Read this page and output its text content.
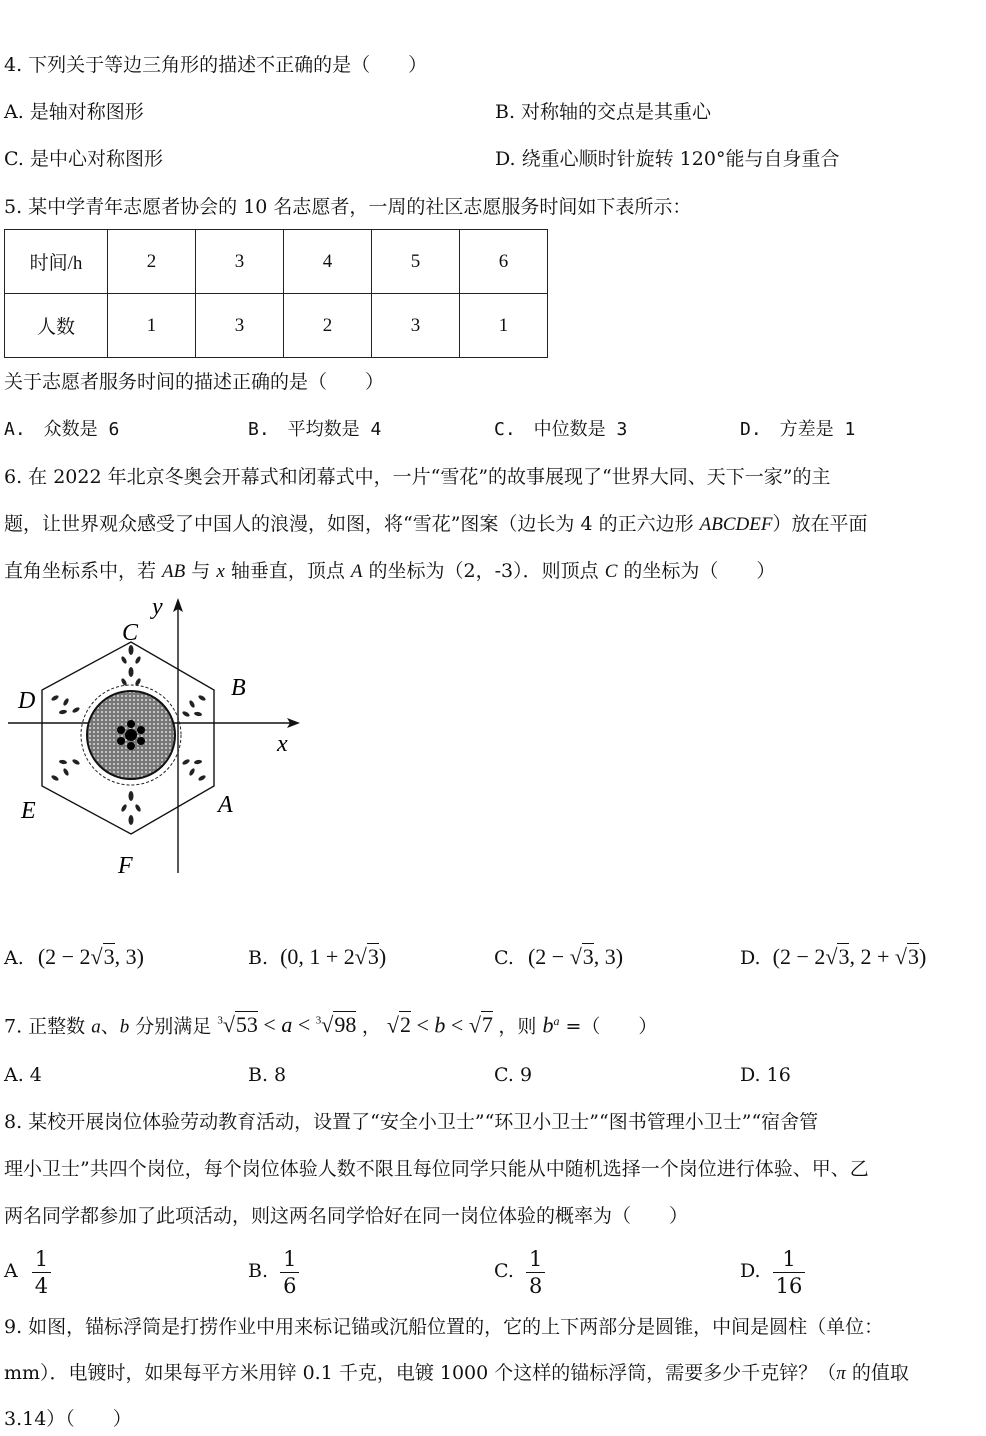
4. 下列关于等边三角形的描述不正确的是（　　）
A. 是轴对称图形	B. 对称轴的交点是其重心
C. 是中心对称图形	D. 绕重心顺时针旋转 120°能与自身重合
5. 某中学青年志愿者协会的 10 名志愿者，一周的社区志愿服务时间如下表所示：
时间/h	2	3	4	5	6
人数	1	3	2	3	1
关于志愿者服务时间的描述正确的是（　　）
A.　众数是 6	B.　平均数是 4	C.　中位数是 3	D.　方差是 1
6. 在 2022 年北京冬奥会开幕式和闭幕式中，一片“雪花”的故事展现了“世界大同、天下一家”的主
题，让世界观众感受了中国人的浪漫，如图，将“雪花”图案（边长为 4 的正六边形 ABCDEF）放在平面
直角坐标系中，若 AB 与 x 轴垂直，顶点 A 的坐标为（2，-3）．则顶点 C 的坐标为（　　）
y
x
C
B
D
E	A
F
A. (2 − 2√3, 3)	B. (0, 1 + 2√3)	C. (2 − √3, 3)	D. (2 − 2√3, 2 + √3)
7. 正整数 a、b 分别满足 $^3$√53 < a < $^3$√98 ， √2 < b < √7 ，则 $b^a$ =（　　）
A. 4	B. 8	C. 9	D. 16
8. 某校开展岗位体验劳动教育活动，设置了“安全小卫士”“环卫小卫士”“图书管理小卫士”“宿舍管
理小卫士”共四个岗位，每个岗位体验人数不限且每位同学只能从中随机选择一个岗位进行体验、甲、乙
两名同学都参加了此项活动，则这两名同学恰好在同一岗位体验的概率为（　　）
A $\frac{1}{4}$	B. $\frac{1}{6}$	C. $\frac{1}{8}$	D. $\frac{1}{16}$
9. 如图，锚标浮筒是打捞作业中用来标记锚或沉船位置的，它的上下两部分是圆锥，中间是圆柱（单位：
mm）．电镀时，如果每平方米用锌 0.1 千克，电镀 1000 个这样的锚标浮筒，需要多少千克锌？（π 的值取
3.14）（　　）
